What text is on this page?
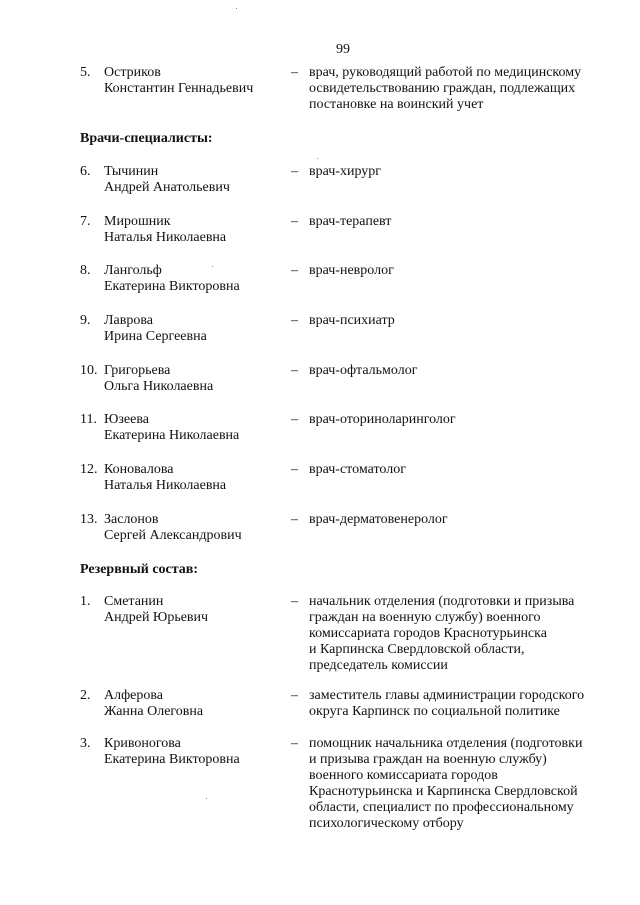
99
5. Остриков
Константин Геннадьевич
– врач, руководящий работой по медицинскому
освидетельствованию граждан, подлежащих
постановке на воинский учет
Врачи-специалисты:
6. Тычинин
Андрей Анатольевич
– врач-хирург
7. Мирошник
Наталья Николаевна
– врач-терапевт
8. Лангольф
Екатерина Викторовна
– врач-невролог
9. Лаврова
Ирина Сергеевна
– врач-психиатр
10. Григорьева
Ольга Николаевна
– врач-офтальмолог
11. Юзеева
Екатерина Николаевна
– врач-оториноларинголог
12. Коновалова
Наталья Николаевна
– врач-стоматолог
13. Заслонов
Сергей Александрович
– врач-дерматовенеролог
Резервный состав:
1. Сметанин
Андрей Юрьевич
– начальник отделения (подготовки и призыва
граждан на военную службу) военного
комиссариата городов Краснотурьинска
и Карпинска Свердловской области,
председатель комиссии
2. Алферова
Жанна Олеговна
– заместитель главы администрации городского
округа Карпинск по социальной политике
3. Кривоногова
Екатерина Викторовна
– помощник начальника отделения (подготовки
и призыва граждан на военную службу)
военного комиссариата городов
Краснотурьинска и Карпинска Свердловской
области, специалист по профессиональному
психологическому отбору
